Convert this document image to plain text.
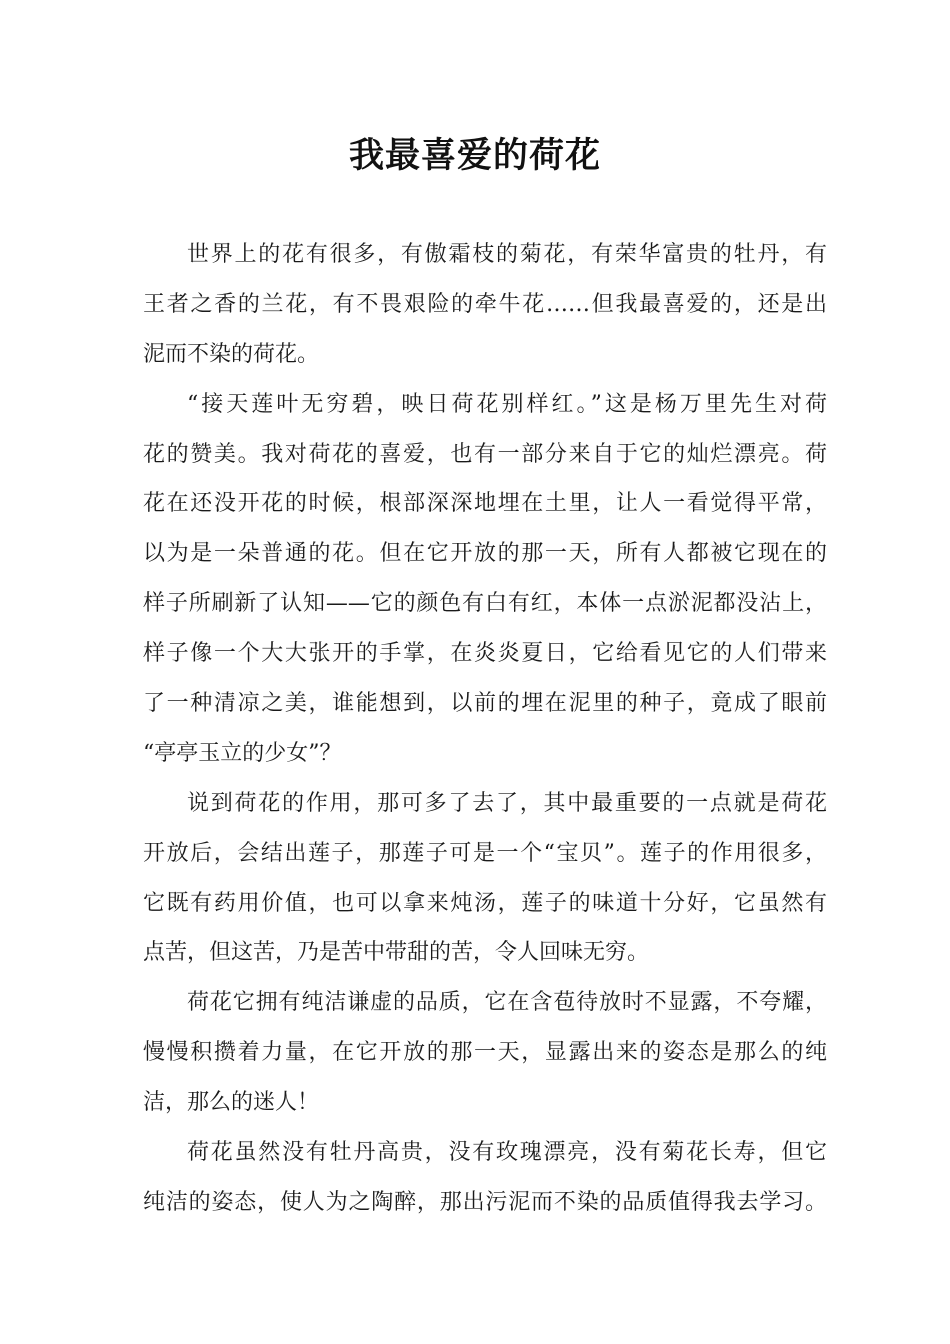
我最喜爱的荷花
世界上的花有很多，有傲霜枝的菊花，有荣华富贵的牡丹，有
王者之香的兰花，有不畏艰险的牵牛花……但我最喜爱的，还是出
泥而不染的荷花。
“接天莲叶无穷碧，映日荷花别样红。”这是杨万里先生对荷
花的赞美。我对荷花的喜爱，也有一部分来自于它的灿烂漂亮。荷
花在还没开花的时候，根部深深地埋在土里，让人一看觉得平常，
以为是一朵普通的花。但在它开放的那一天，所有人都被它现在的
样子所刷新了认知——它的颜色有白有红，本体一点淤泥都没沾上，
样子像一个大大张开的手掌，在炎炎夏日，它给看见它的人们带来
了一种清凉之美，谁能想到，以前的埋在泥里的种子，竟成了眼前
“亭亭玉立的少女”？
说到荷花的作用，那可多了去了，其中最重要的一点就是荷花
开放后，会结出莲子，那莲子可是一个“宝贝”。莲子的作用很多，
它既有药用价值，也可以拿来炖汤，莲子的味道十分好，它虽然有
点苦，但这苦，乃是苦中带甜的苦，令人回味无穷。
荷花它拥有纯洁谦虚的品质，它在含苞待放时不显露，不夸耀，
慢慢积攒着力量，在它开放的那一天，显露出来的姿态是那么的纯
洁，那么的迷人！
荷花虽然没有牡丹高贵，没有玫瑰漂亮，没有菊花长寿，但它
纯洁的姿态，使人为之陶醉，那出污泥而不染的品质值得我去学习。
